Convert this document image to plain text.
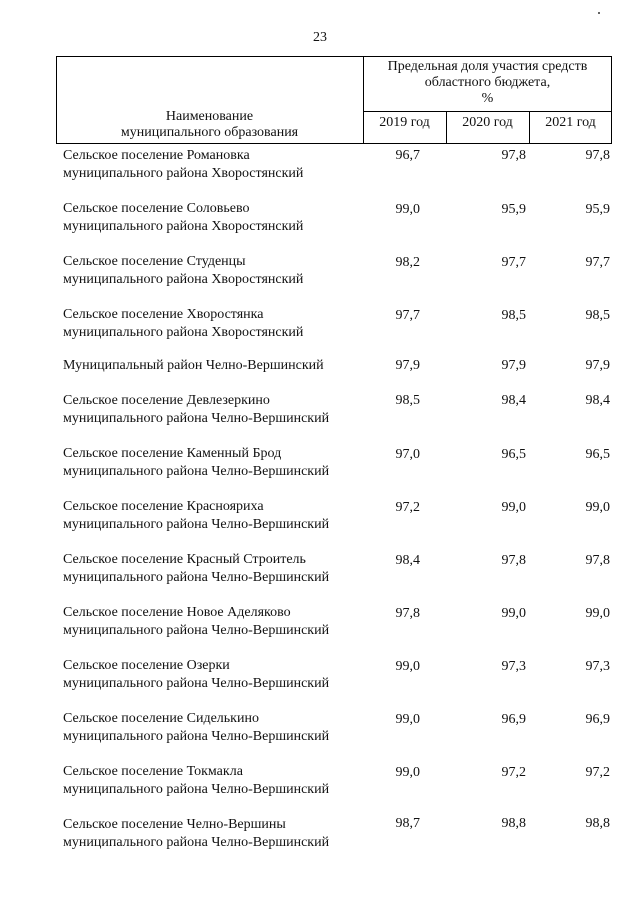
23
Наименование
муниципального образования
Предельная доля участия средств
областного бюджета,
%
2019 год	2020 год	2021 год
Сельское поселение Романовка
муниципального района Хворостянский
96,7	97,8	97,8
Сельское поселение Соловьево
муниципального района Хворостянский
99,0	95,9	95,9
Сельское поселение Студенцы
муниципального района Хворостянский
98,2	97,7	97,7
Сельское поселение Хворостянка
муниципального района Хворостянский
97,7	98,5	98,5
Муниципальный район Челно-Вершинский	97,9	97,9	97,9
Сельское поселение Девлезеркино
муниципального района Челно-Вершинский
98,5	98,4	98,4
Сельское поселение Каменный Брод
муниципального района Челно-Вершинский
97,0	96,5	96,5
Сельское поселение Краснояриха
муниципального района Челно-Вершинский
97,2	99,0	99,0
Сельское поселение Красный Строитель
муниципального района Челно-Вершинский
98,4	97,8	97,8
Сельское поселение Новое Аделяково
муниципального района Челно-Вершинский
97,8	99,0	99,0
Сельское поселение Озерки
муниципального района Челно-Вершинский
99,0	97,3	97,3
Сельское поселение Сиделькино
муниципального района Челно-Вершинский
99,0	96,9	96,9
Сельское поселение Токмакла
муниципального района Челно-Вершинский
99,0	97,2	97,2
Сельское поселение Челно-Вершины
муниципального района Челно-Вершинский
98,7	98,8	98,8
